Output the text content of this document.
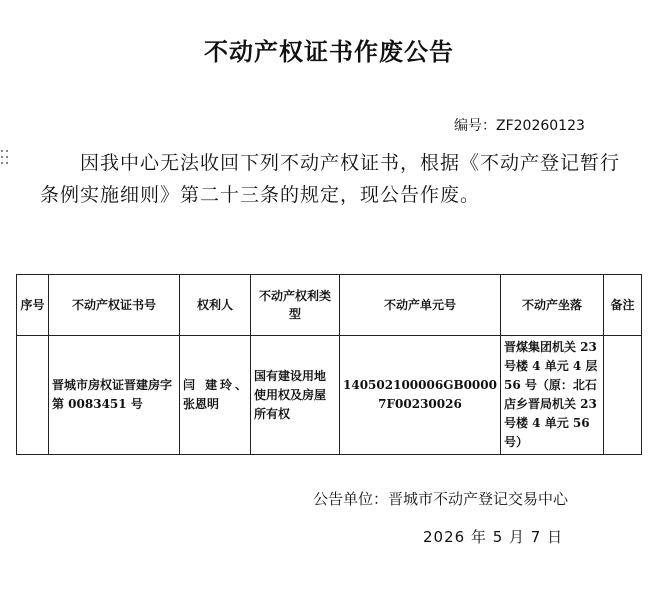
不动产权证书作废公告
编号：ZF20260123
因我中心无法收回下列不动产权证书，根据《不动产登记暂行条例实施细则》第二十三条的规定，现公告作废。
序号	不动产权证书号	权利人	不动产权利类型	不动产单元号	不动产坐落	备注
	晋城市房权证晋建房字第 0083451 号	闫 建玲、张恩明	国有建设用地使用权及房屋所有权	140502100006GB00007F00230026	晋煤集团机关 23 号楼 4 单元 4 层 56 号（原：北石店乡晋局机关 23 号楼 4 单元 56 号）	
公告单位：晋城市不动产登记交易中心
2026 年 5 月 7 日
